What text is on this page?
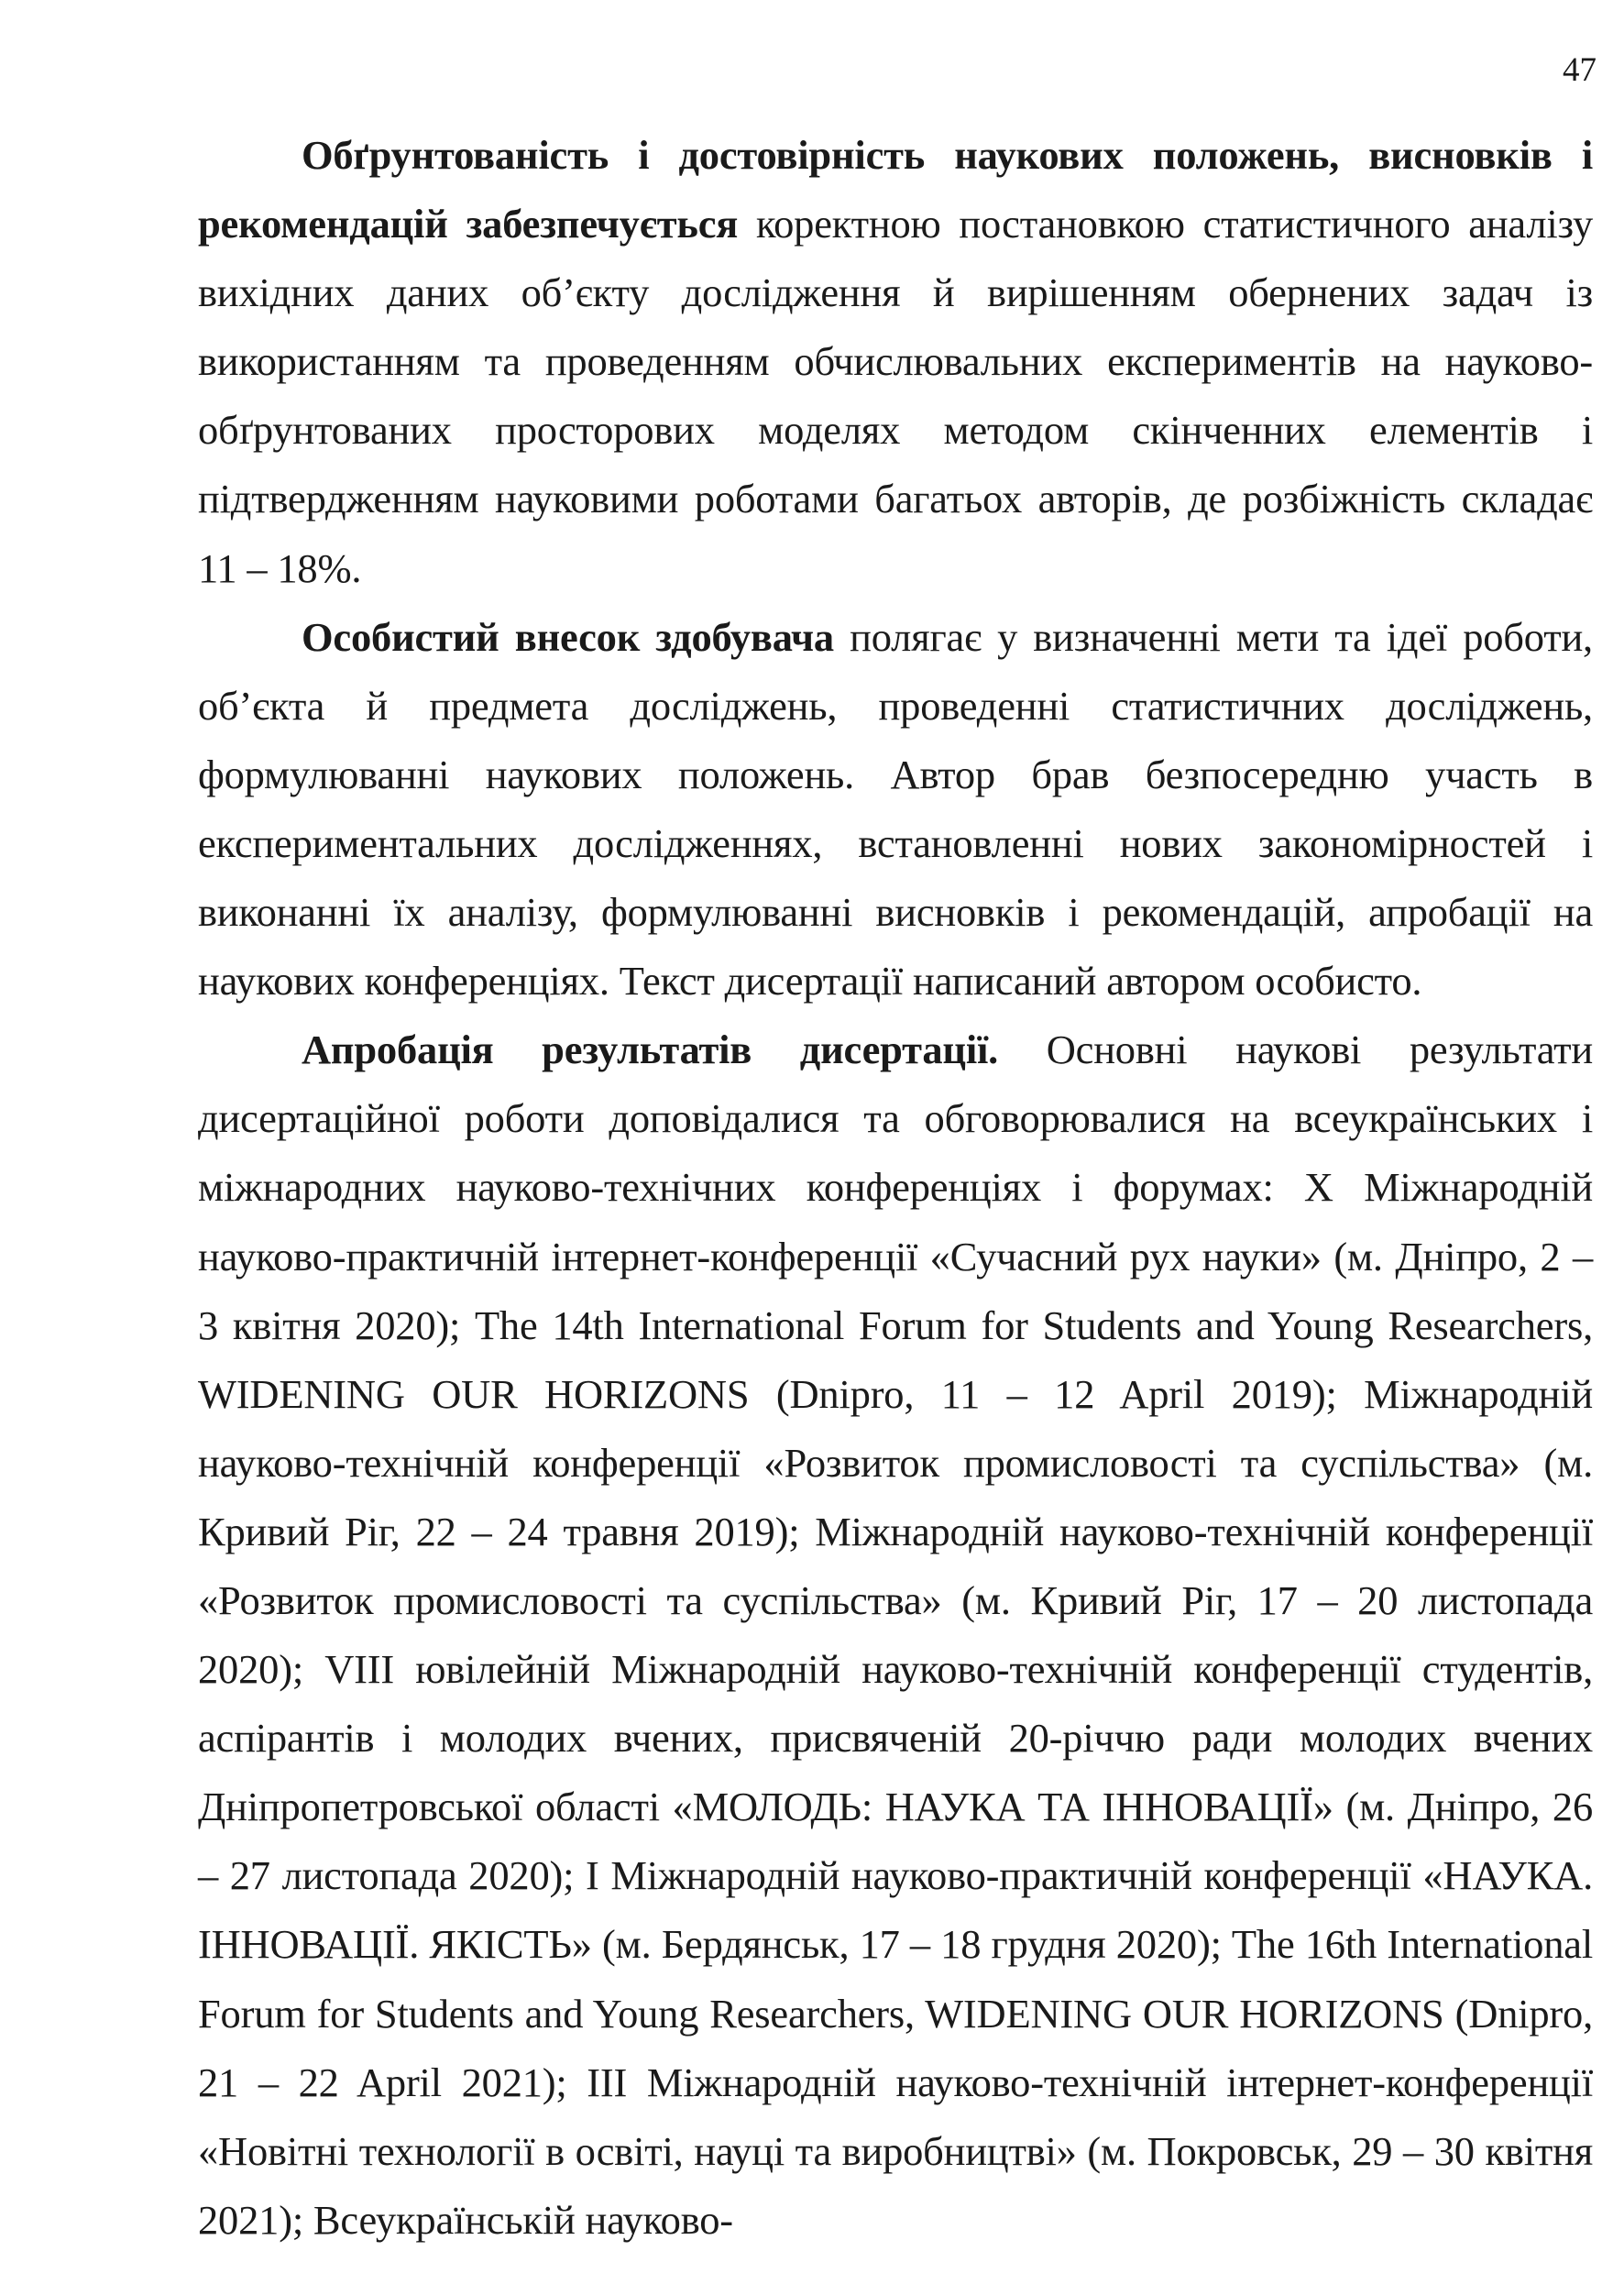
47

Обґрунтованість і достовірність наукових положень, висновків і рекомендацій забезпечується коректною постановкою статистичного аналізу вихідних даних об’єкту дослідження й вирішенням обернених задач із використанням та проведенням обчислювальних експериментів на науково-обґрунтованих просторових моделях методом скінченних елементів і підтвердженням науковими роботами багатьох авторів, де розбіжність складає 11 – 18%.

Особистий внесок здобувача полягає у визначенні мети та ідеї роботи, об’єкта й предмета досліджень, проведенні статистичних досліджень, формулюванні наукових положень. Автор брав безпосередню участь в експериментальних дослідженнях, встановленні нових закономірностей і виконанні їх аналізу, формулюванні висновків і рекомендацій, апробації на наукових конференціях. Текст дисертації написаний автором особисто.

Апробація результатів дисертації. Основні наукові результати дисертаційної роботи доповідалися та обговорювалися на всеукраїнських і міжнародних науково-технічних конференціях і форумах: X Міжнародній науково-практичній інтернет-конференції «Сучасний рух науки» (м. Дніпро, 2 – 3 квітня 2020); The 14th International Forum for Students and Young Researchers, WIDENING OUR HORIZONS (Dnipro, 11 – 12 April 2019); Міжнародній науково-технічній конференції «Розвиток промисловості та суспільства» (м. Кривий Ріг, 22 – 24 травня 2019); Міжнародній науково-технічній конференції «Розвиток промисловості та суспільства» (м. Кривий Ріг, 17 – 20 листопада 2020); VIII ювілейній Міжнародній науково-технічній конференції студентів, аспірантів і молодих вчених, присвяченій 20-річчю ради молодих вчених Дніпропетровської області «МОЛОДЬ: НАУКА ТА ІННОВАЦІЇ» (м. Дніпро, 26 – 27 листопада 2020); І Міжнародній науково-практичній конференції «НАУКА. ІННОВАЦІЇ. ЯКІСТЬ» (м. Бердянськ, 17 – 18 грудня 2020); The 16th International Forum for Students and Young Researchers, WIDENING OUR HORIZONS (Dnipro, 21 – 22 April 2021); ІІІ Міжнародній науково-технічній інтернет-конференції «Новітні технології в освіті, науці та виробництві» (м. Покровськ, 29 – 30 квітня 2021); Всеукраїнській науково-
